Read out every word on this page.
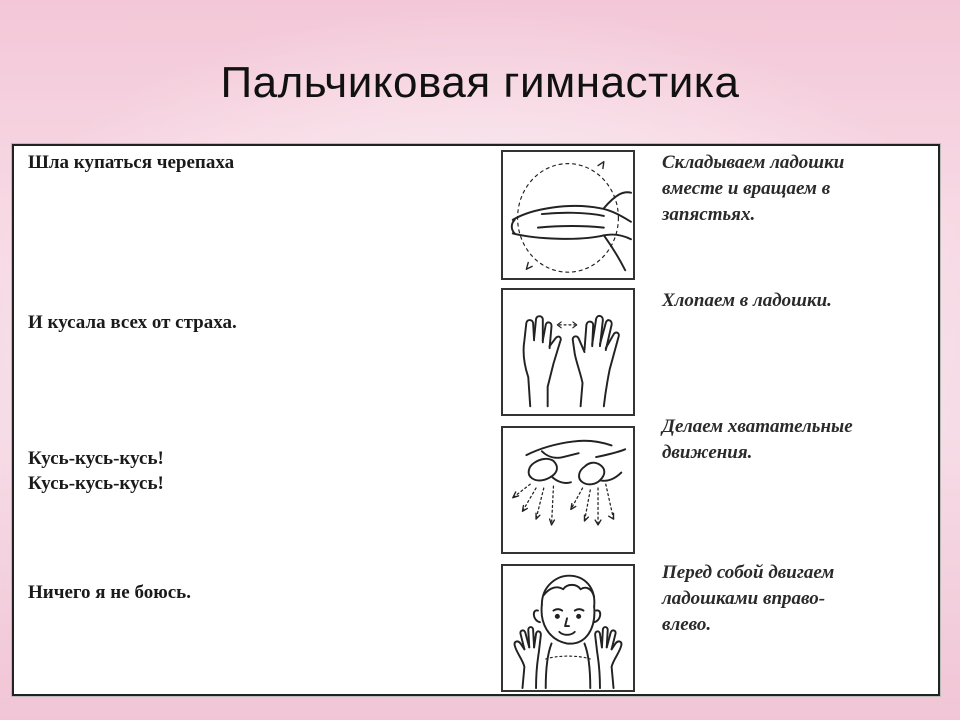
Пальчиковая гимнастика
Шла купаться черепаха	Складываем ладошки
вместе и вращаем в
запястьях.
И кусала всех от страха.
Хлопаем в ладошки.
Кусь-кусь-кусь!
Кусь-кусь-кусь!
Делаем хватательные
движения.
Ничего я не боюсь.
Перед собой двигаем
ладошками вправо-
влево.
